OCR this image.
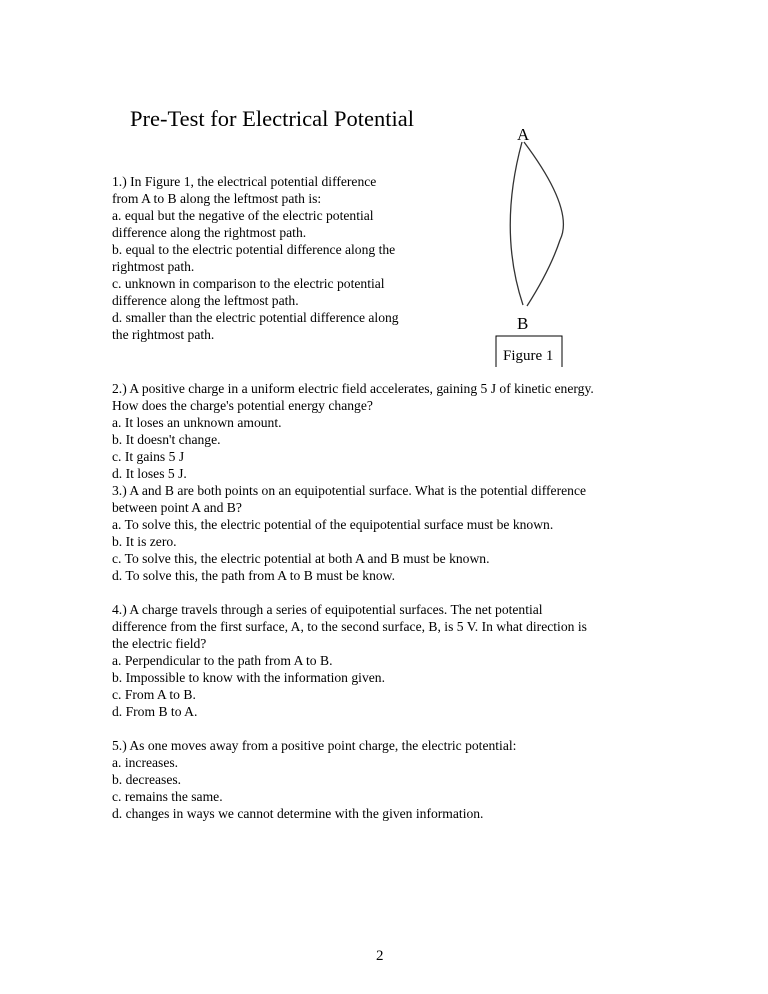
Pre-Test for Electrical Potential
1.) In Figure 1, the electrical potential difference
from A to B along the leftmost path is:
a. equal but the negative of the electric potential
difference along the rightmost path.
b. equal to the electric potential difference along the
rightmost path.
c. unknown in comparison to the electric potential
difference along the leftmost path.
d. smaller than the electric potential difference along
the rightmost path.
2.) A positive charge in a uniform electric field accelerates, gaining 5 J of kinetic energy.
How does the charge's potential energy change?
a. It loses an unknown amount.
b. It doesn't change.
c. It gains 5 J
d. It loses 5 J.
3.) A and B are both points on an equipotential surface. What is the potential difference
between point A and B?
a. To solve this, the electric potential of the equipotential surface must be known.
b. It is zero.
c. To solve this, the electric potential at both A and B must be known.
d. To solve this, the path from A to B must be know.
4.) A charge travels through a series of equipotential surfaces. The net potential
difference from the first surface, A, to the second surface, B, is 5 V. In what direction is
the electric field?
a. Perpendicular to the path from A to B.
b. Impossible to know with the information given.
c. From A to B.
d. From B to A.
5.) As one moves away from a positive point charge, the electric potential:
a. increases.
b. decreases.
c. remains the same.
d. changes in ways we cannot determine with the given information.
A
B
Figure 1
2
